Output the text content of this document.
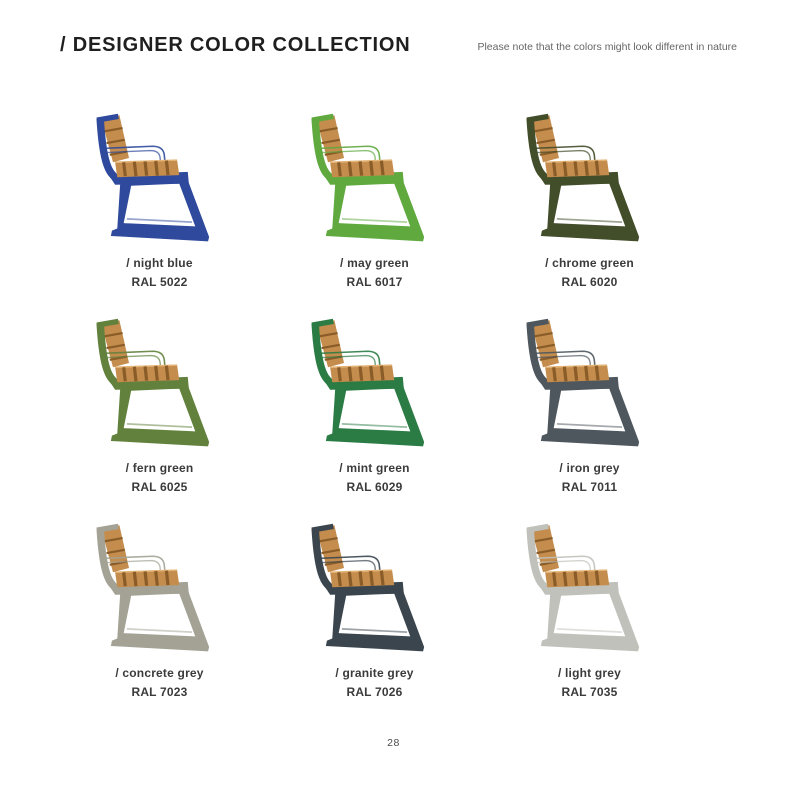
/ DESIGNER COLOR COLLECTION	Please note that the colors might look different in nature
/ night blue
RAL 5022
/ may green
RAL 6017
/ chrome green
RAL 6020
/ fern green
RAL 6025
/ mint green
RAL 6029
/ iron grey
RAL 7011
/ concrete grey
RAL 7023
/ granite grey
RAL 7026
/ light grey
RAL 7035
28
